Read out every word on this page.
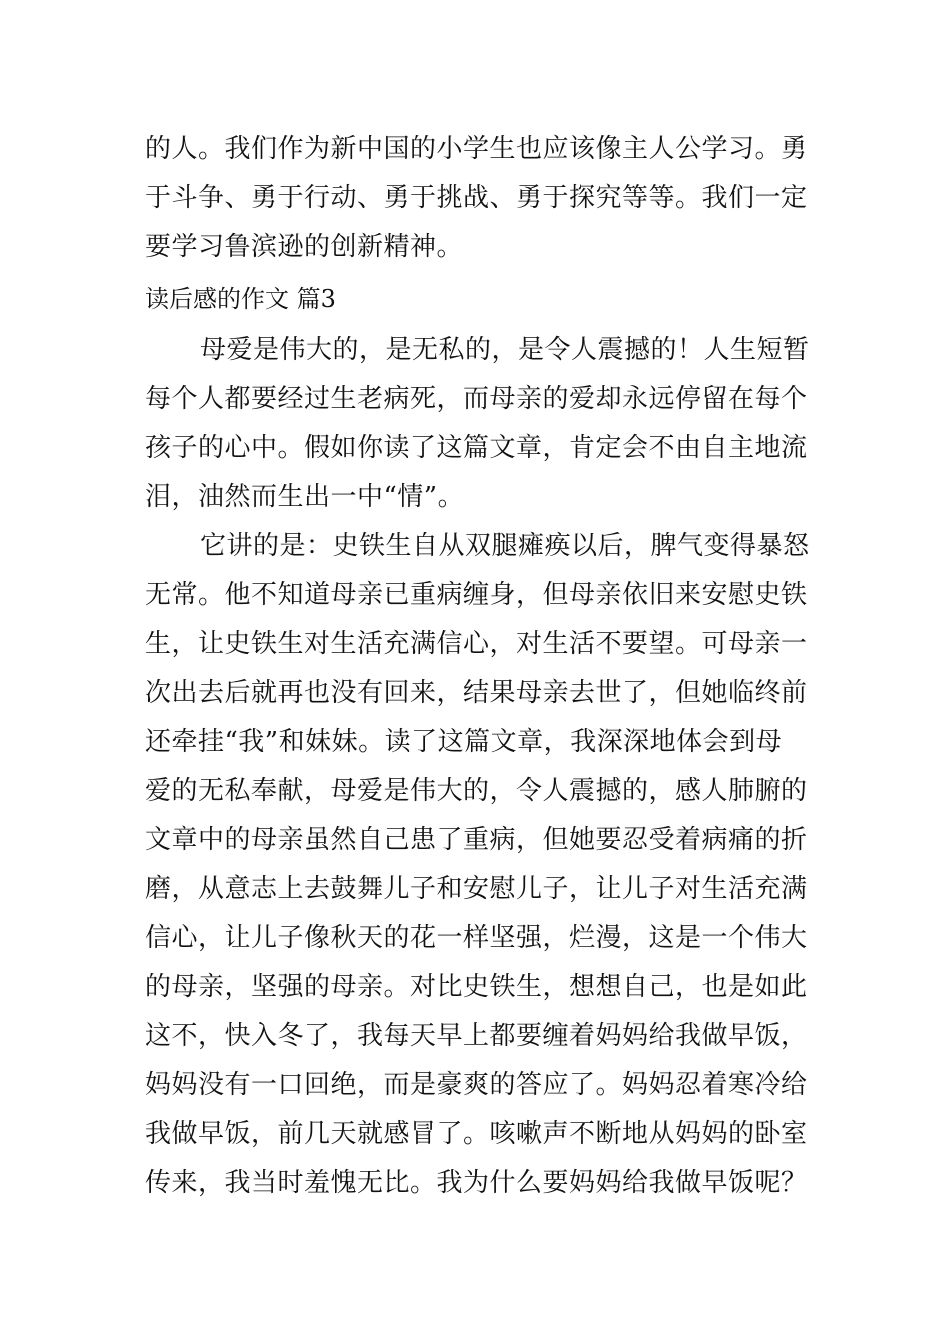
的人。我们作为新中国的小学生也应该像主人公学习。勇
于斗争、勇于行动、勇于挑战、勇于探究等等。我们一定
要学习鲁滨逊的创新精神。
读后感的作文 篇3
母爱是伟大的，是无私的，是令人震撼的！人生短暂
每个人都要经过生老病死，而母亲的爱却永远停留在每个
孩子的心中。假如你读了这篇文章，肯定会不由自主地流
泪，油然而生出一中“情”。
它讲的是：史铁生自从双腿瘫痪以后，脾气变得暴怒
无常。他不知道母亲已重病缠身，但母亲依旧来安慰史铁
生，让史铁生对生活充满信心，对生活不要望。可母亲一
次出去后就再也没有回来，结果母亲去世了，但她临终前
还牵挂“我”和妹妹。读了这篇文章，我深深地体会到母
爱的无私奉献，母爱是伟大的，令人震撼的，感人肺腑的
文章中的母亲虽然自己患了重病，但她要忍受着病痛的折
磨，从意志上去鼓舞儿子和安慰儿子，让儿子对生活充满
信心，让儿子像秋天的花一样坚强，烂漫，这是一个伟大
的母亲，坚强的母亲。对比史铁生，想想自己，也是如此
这不，快入冬了，我每天早上都要缠着妈妈给我做早饭，
妈妈没有一口回绝，而是豪爽的答应了。妈妈忍着寒冷给
我做早饭，前几天就感冒了。咳嗽声不断地从妈妈的卧室
传来，我当时羞愧无比。我为什么要妈妈给我做早饭呢？
